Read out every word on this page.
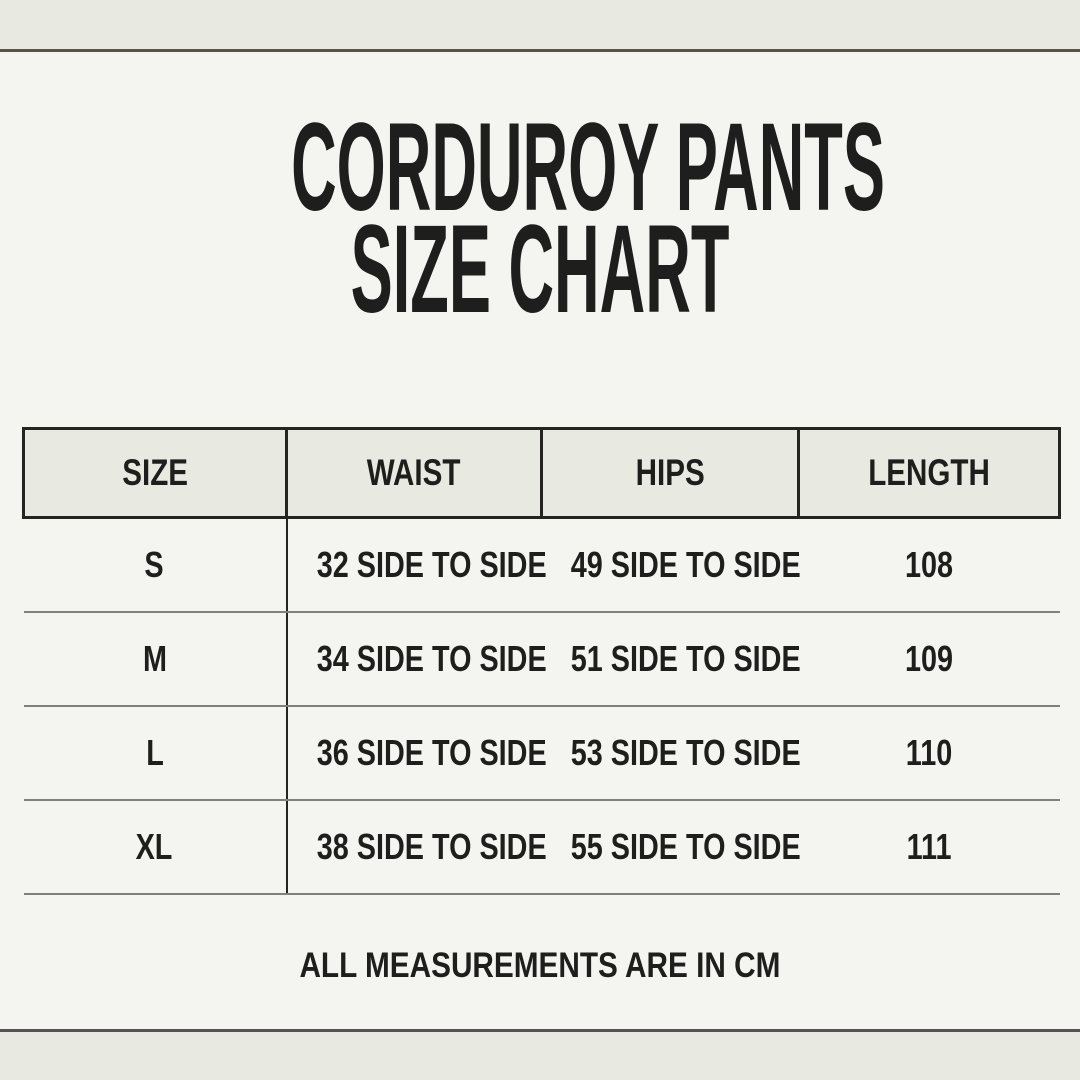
CORDUROY PANTS
SIZE CHART
SIZE	WAIST	HIPS	LENGTH
S	32 SIDE TO SIDE	49 SIDE TO SIDE	108
M	34 SIDE TO SIDE	51 SIDE TO SIDE	109
L	36 SIDE TO SIDE	53 SIDE TO SIDE	110
XL	38 SIDE TO SIDE	55 SIDE TO SIDE	111
ALL MEASUREMENTS ARE IN CM
